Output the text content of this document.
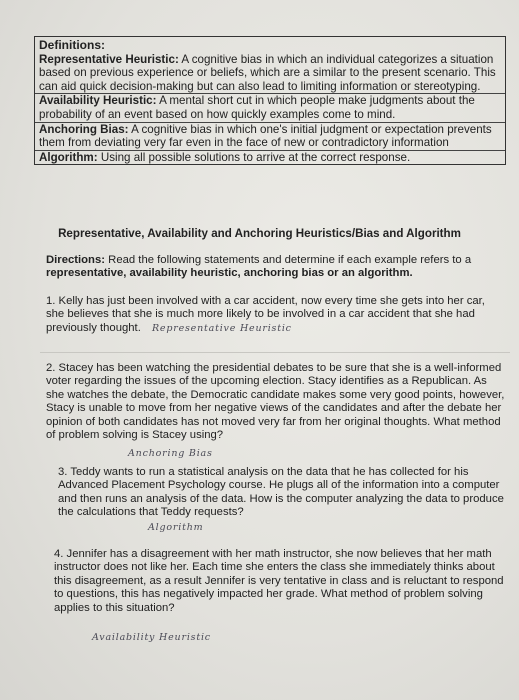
Definitions:
Representative Heuristic: A cognitive bias in which an individual categorizes a situation based on previous experience or beliefs, which are a similar to the present scenario. This can aid quick decision-making but can also lead to limiting information or stereotyping.
Availability Heuristic: A mental short cut in which people make judgments about the probability of an event based on how quickly examples come to mind.
Anchoring Bias: A cognitive bias in which one's initial judgment or expectation prevents them from deviating very far even in the face of new or contradictory information
Algorithm: Using all possible solutions to arrive at the correct response.
Representative, Availability and Anchoring Heuristics/Bias and Algorithm
Directions: Read the following statements and determine if each example refers to a representative, availability heuristic, anchoring bias or an algorithm.
1. Kelly has just been involved with a car accident, now every time she gets into her car, she believes that she is much more likely to be involved in a car accident that she had previously thought. Representative Heuristic
2. Stacey has been watching the presidential debates to be sure that she is a well-informed voter regarding the issues of the upcoming election. Stacy identifies as a Republican. As she watches the debate, the Democratic candidate makes some very good points, however, Stacy is unable to move from her negative views of the candidates and after the debate her opinion of both candidates has not moved very far from her original thoughts. What method of problem solving is Stacey using?
Anchoring Bias
3. Teddy wants to run a statistical analysis on the data that he has collected for his Advanced Placement Psychology course. He plugs all of the information into a computer and then runs an analysis of the data. How is the computer analyzing the data to produce the calculations that Teddy requests?
Algorithm
4. Jennifer has a disagreement with her math instructor, she now believes that her math instructor does not like her. Each time she enters the class she immediately thinks about this disagreement, as a result Jennifer is very tentative in class and is reluctant to respond to questions, this has negatively impacted her grade. What method of problem solving applies to this situation?
Availability Heuristic
